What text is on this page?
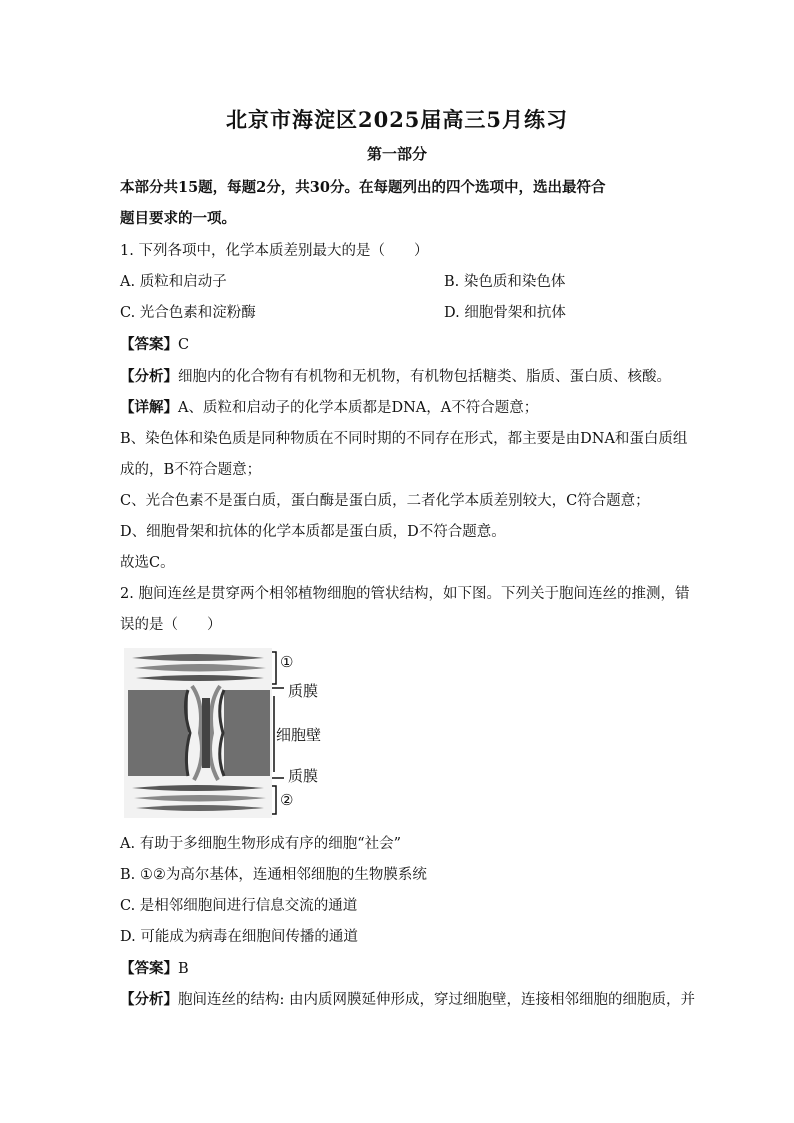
北京市海淀区2025届高三5月练习
第一部分
本部分共15题，每题2分，共30分。在每题列出的四个选项中，选出最符合
题目要求的一项。
1. 下列各项中，化学本质差别最大的是（　　）
A. 质粒和启动子	B. 染色质和染色体
C. 光合色素和淀粉酶	D. 细胞骨架和抗体
【答案】C
【分析】细胞内的化合物有有机物和无机物，有机物包括糖类、脂质、蛋白质、核酸。
【详解】A、质粒和启动子的化学本质都是DNA，A不符合题意；
B、染色体和染色质是同种物质在不同时期的不同存在形式，都主要是由DNA和蛋白质组
成的，B不符合题意；
C、光合色素不是蛋白质，蛋白酶是蛋白质，二者化学本质差别较大，C符合题意；
D、细胞骨架和抗体的化学本质都是蛋白质，D不符合题意。
故选C。
2. 胞间连丝是贯穿两个相邻植物细胞的管状结构，如下图。下列关于胞间连丝的推测，错
误的是（　　）
①
质膜
细胞壁
质膜
②
A. 有助于多细胞生物形成有序的细胞“社会”
B. ①②为高尔基体，连通相邻细胞的生物膜系统
C. 是相邻细胞间进行信息交流的通道
D. 可能成为病毒在细胞间传播的通道
【答案】B
【分析】胞间连丝的结构: 由内质网膜延伸形成，穿过细胞壁，连接相邻细胞的细胞质，并
